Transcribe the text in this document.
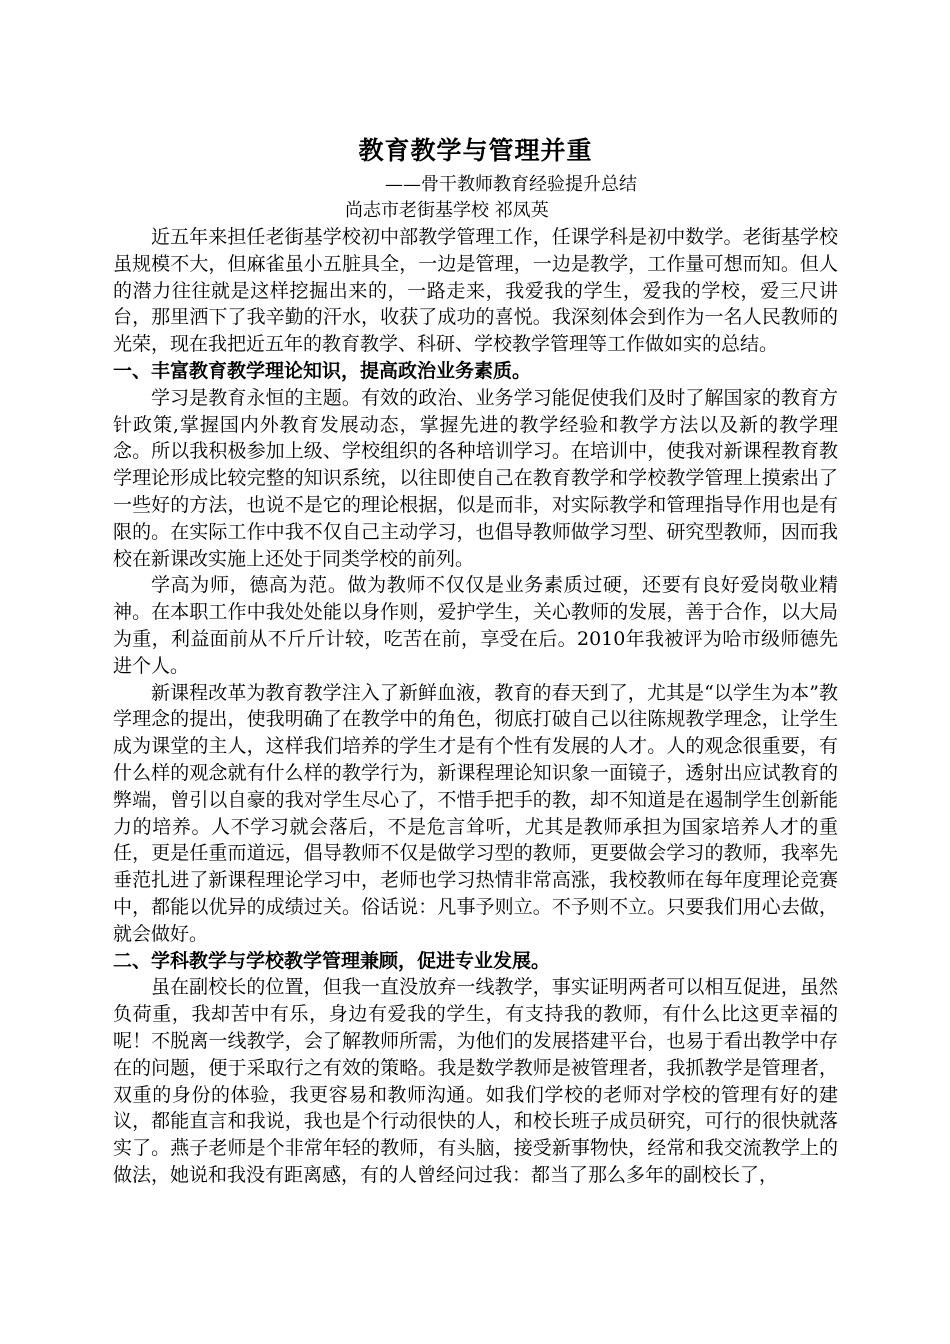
教育教学与管理并重

——骨干教师教育经验提升总结

尚志市老街基学校 祁凤英

近五年来担任老街基学校初中部教学管理工作，任课学科是初中数学。老街基学校虽规模不大，但麻雀虽小五脏具全，一边是管理，一边是教学，工作量可想而知。但人的潜力往往就是这样挖掘出来的，一路走来，我爱我的学生，爱我的学校，爱三尺讲台，那里洒下了我辛勤的汗水，收获了成功的喜悦。我深刻体会到作为一名人民教师的光荣，现在我把近五年的教育教学、科研、学校教学管理等工作做如实的总结。

一、丰富教育教学理论知识，提高政治业务素质。

学习是教育永恒的主题。有效的政治、业务学习能促使我们及时了解国家的教育方针政策,掌握国内外教育发展动态，掌握先进的教学经验和教学方法以及新的教学理念。所以我积极参加上级、学校组织的各种培训学习。在培训中，使我对新课程教育教学理论形成比较完整的知识系统，以往即使自己在教育教学和学校教学管理上摸索出了一些好的方法，也说不是它的理论根据，似是而非，对实际教学和管理指导作用也是有限的。在实际工作中我不仅自己主动学习，也倡导教师做学习型、研究型教师，因而我校在新课改实施上还处于同类学校的前列。

学高为师，德高为范。做为教师不仅仅是业务素质过硬，还要有良好爱岗敬业精神。在本职工作中我处处能以身作则，爱护学生，关心教师的发展，善于合作，以大局为重，利益面前从不斤斤计较，吃苦在前，享受在后。2010年我被评为哈市级师德先进个人。

新课程改革为教育教学注入了新鲜血液，教育的春天到了，尤其是“以学生为本”教学理念的提出，使我明确了在教学中的角色，彻底打破自己以往陈规教学理念，让学生成为课堂的主人，这样我们培养的学生才是有个性有发展的人才。人的观念很重要，有什么样的观念就有什么样的教学行为，新课程理论知识象一面镜子，透射出应试教育的弊端，曾引以自豪的我对学生尽心了，不惜手把手的教，却不知道是在遏制学生创新能力的培养。人不学习就会落后，不是危言耸听，尤其是教师承担为国家培养人才的重任，更是任重而道远，倡导教师不仅是做学习型的教师，更要做会学习的教师，我率先垂范扎进了新课程理论学习中，老师也学习热情非常高涨，我校教师在每年度理论竞赛中，都能以优异的成绩过关。俗话说：凡事予则立。不予则不立。只要我们用心去做，就会做好。

二、学科教学与学校教学管理兼顾，促进专业发展。

虽在副校长的位置，但我一直没放弃一线教学，事实证明两者可以相互促进，虽然负荷重，我却苦中有乐，身边有爱我的学生，有支持我的教师，有什么比这更幸福的呢！不脱离一线教学，会了解教师所需，为他们的发展搭建平台，也易于看出教学中存在的问题，便于采取行之有效的策略。我是数学教师是被管理者，我抓教学是管理者，双重的身份的体验，我更容易和教师沟通。如我们学校的老师对学校的管理有好的建议，都能直言和我说，我也是个行动很快的人，和校长班子成员研究，可行的很快就落实了。燕子老师是个非常年轻的教师，有头脑，接受新事物快，经常和我交流教学上的做法，她说和我没有距离感，有的人曾经问过我：都当了那么多年的副校长了，
